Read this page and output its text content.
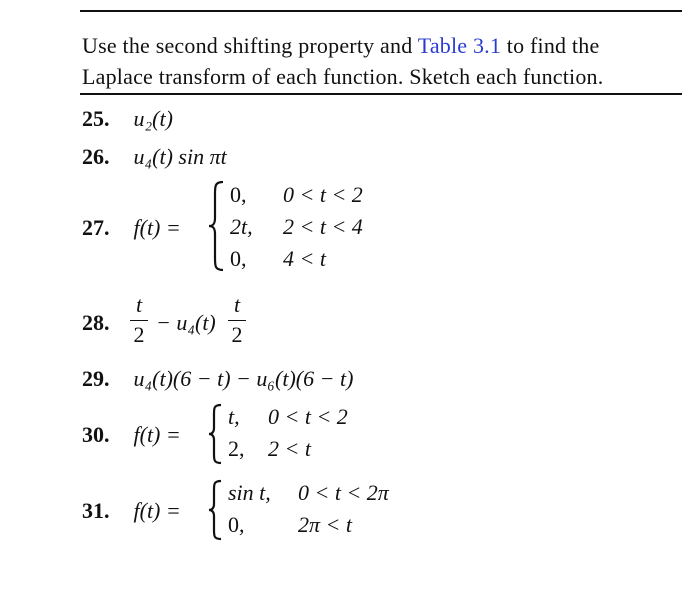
Use the second shifting property and Table 3.1 to find the
Laplace transform of each function. Sketch each function.
25. u₂(t)
26. u₄(t) sin πt
27. f(t) =
0, 0 < t < 2
2t, 2 < t < 4
0, 4 < t
28.
t
2 − u₄(t)
t
2
29. u₄(t)(6 − t) − u₆(t)(6 − t)
30. f(t) =
t, 0 < t < 2
2, 2 < t
31. f(t) =
sin t, 0 < t < 2π
0, 2π < t
